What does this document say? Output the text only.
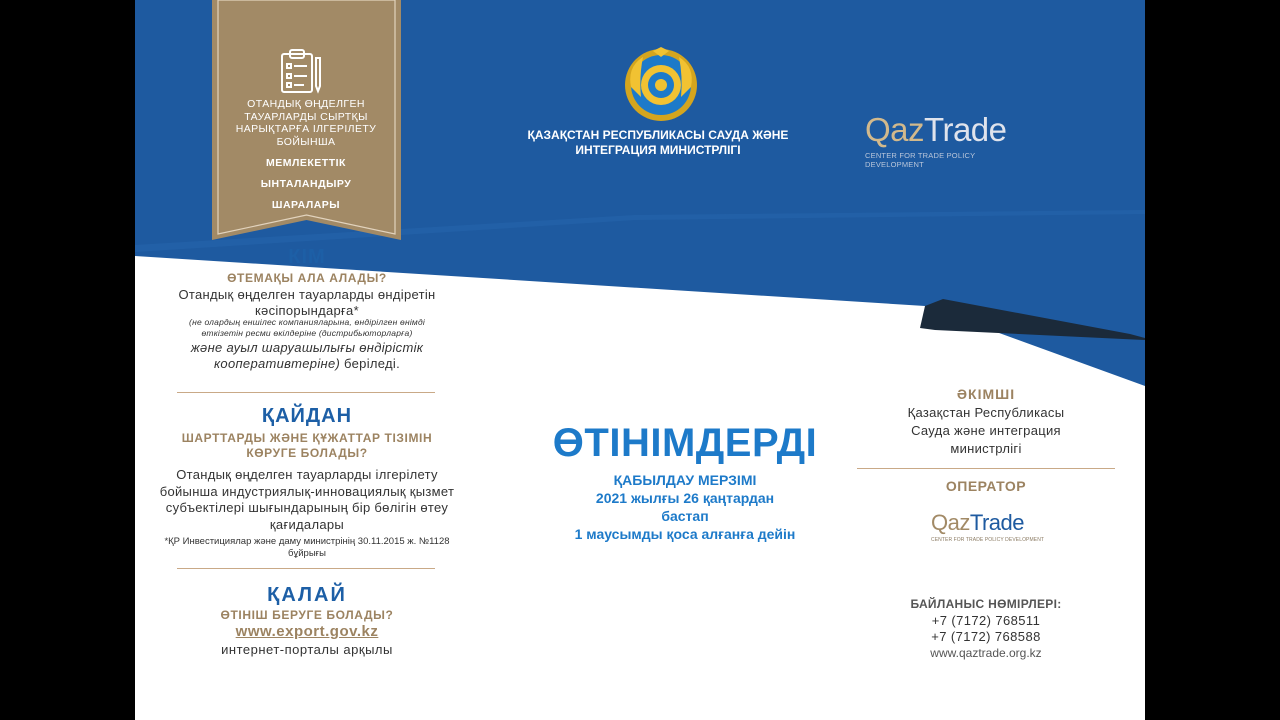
ОТАНДЫҚ ӨҢДЕЛГЕН ТАУАРЛАРДЫ СЫРТҚЫ НАРЫҚТАРҒА ІЛГЕРІЛЕТУ БОЙЫНША
МЕМЛЕКЕТТІК
ЫНТАЛАНДЫРУ
ШАРАЛАРЫ
ҚАЗАҚСТАН РЕСПУБЛИКАСЫ САУДА ЖӘНЕ ИНТЕГРАЦИЯ МИНИСТРЛІГІ
QazTrade
CENTER FOR TRADE POLICY DEVELOPMENT
КІМ
ӨТЕМАҚЫ АЛА АЛАДЫ?
Отандық өңделген тауарларды өндіретін кәсіпорындарға*
(не олардың еншілес компанияларына, өндірілген өнімді өткізетін ресми өкілдеріне (дистрибьюторларға)
және ауыл шаруашылығы өндірістік кооперативтеріне) беріледі.
ҚАЙДАН
ШАРТТАРДЫ ЖӘНЕ ҚҰЖАТТАР ТІЗІМІН
КӨРУГЕ БОЛАДЫ?
Отандық өңделген тауарларды ілгерілету бойынша индустриялық-инновациялық қызмет субъектілері шығындарының бір бөлігін өтеу қағидалары
*ҚР Инвестициялар және даму министрінің 30.11.2015 ж. №1128 бұйрығы
ҚАЛАЙ
ӨТІНІШ БЕРУГЕ БОЛАДЫ?
www.export.gov.kz
интернет-порталы арқылы
ӨТІНІМДЕРДІ
ҚАБЫЛДАУ МЕРЗІМІ
2021 жылғы 26 қаңтардан
бастап
1 маусымды қоса алғанға дейін
ӘКІМШІ
Қазақстан Республикасы
Сауда және интеграция
министрлігі
ОПЕРАТОР
QazTrade
CENTER FOR TRADE POLICY DEVELOPMENT
БАЙЛАНЫС НӨМІРЛЕРІ:
+7 (7172) 768511
+7 (7172) 768588
www.qaztrade.org.kz
